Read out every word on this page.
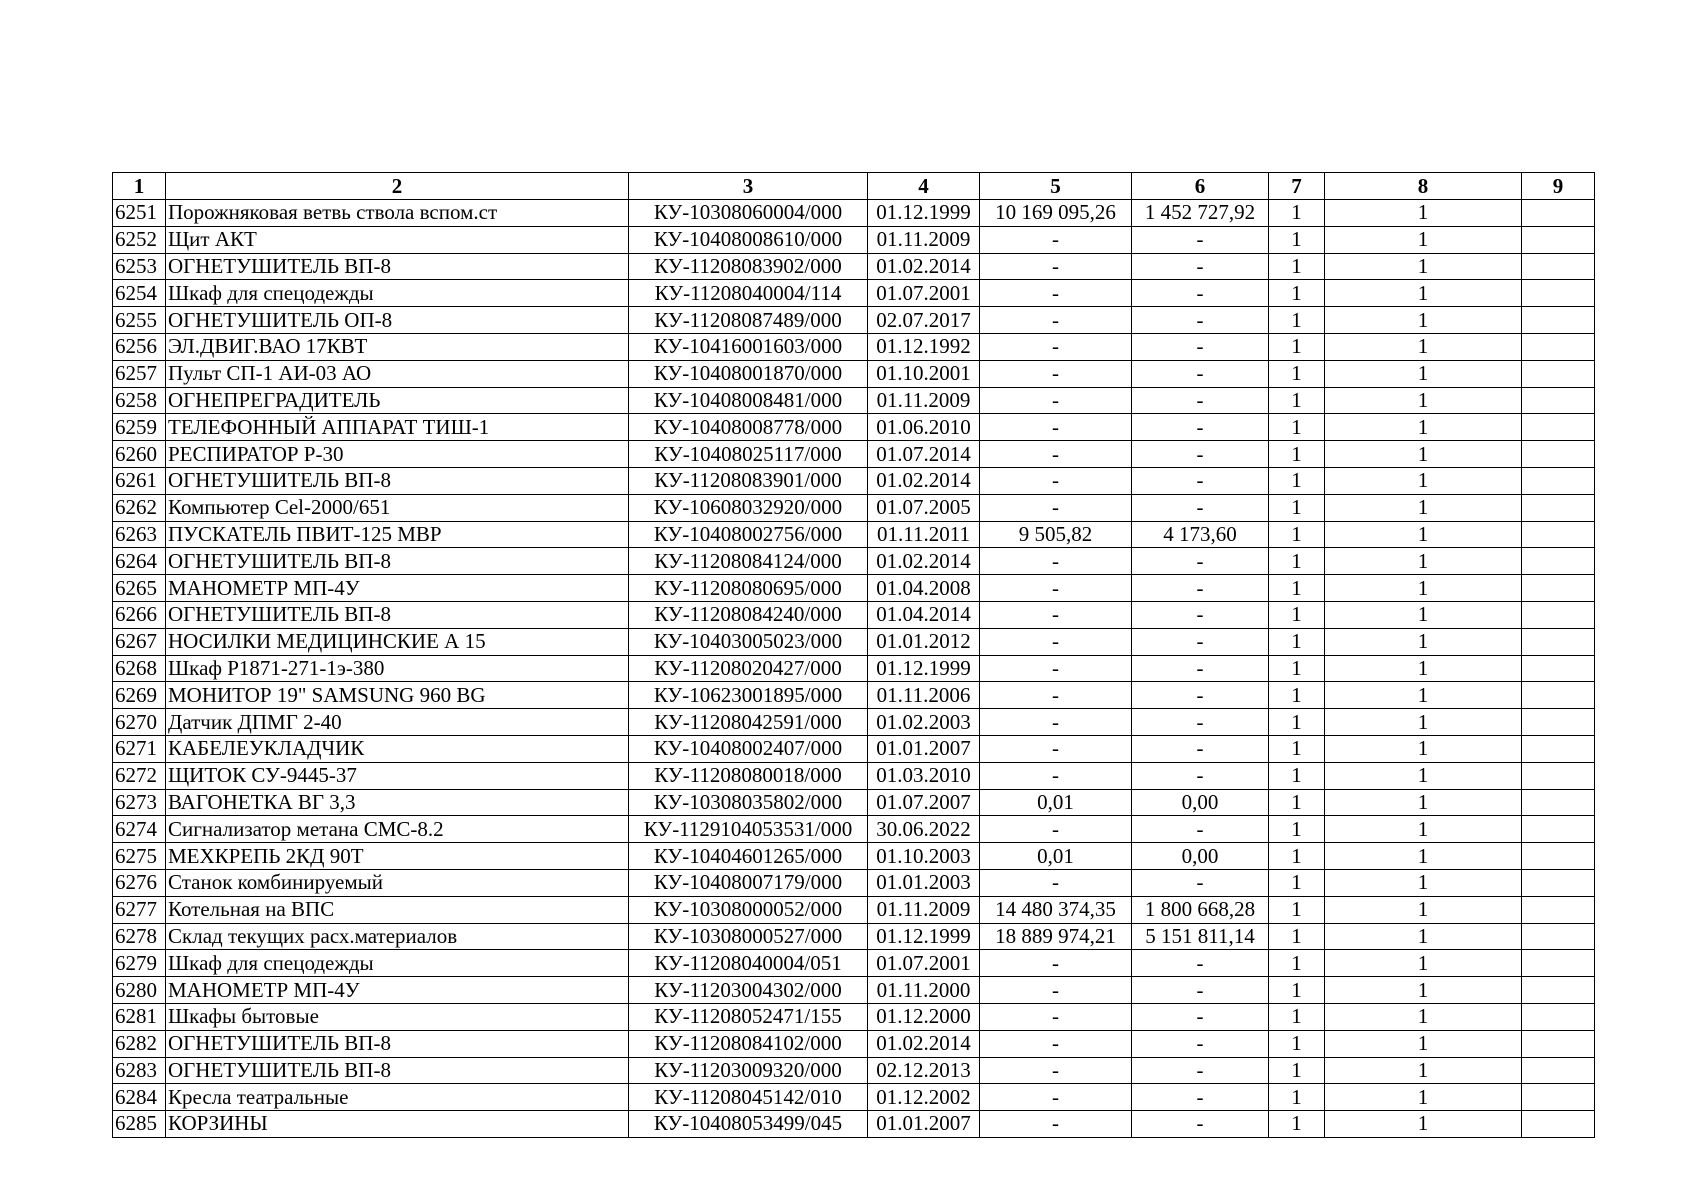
1	2	3	4	5	6	7	8	9
6251	Порожняковая ветвь ствола вспом.ст	КУ-10308060004/000	01.12.1999	10 169 095,26	1 452 727,92	1	1	
6252	Щит АКТ	КУ-10408008610/000	01.11.2009	-	-	1	1	
6253	ОГНЕТУШИТЕЛЬ ВП-8	КУ-11208083902/000	01.02.2014	-	-	1	1	
6254	Шкаф для спецодежды	КУ-11208040004/114	01.07.2001	-	-	1	1	
6255	ОГНЕТУШИТЕЛЬ ОП-8	КУ-11208087489/000	02.07.2017	-	-	1	1	
6256	ЭЛ.ДВИГ.ВАО 17КВТ	КУ-10416001603/000	01.12.1992	-	-	1	1	
6257	Пульт СП-1 АИ-03 АО	КУ-10408001870/000	01.10.2001	-	-	1	1	
6258	ОГНЕПРЕГРАДИТЕЛЬ	КУ-10408008481/000	01.11.2009	-	-	1	1	
6259	ТЕЛЕФОННЫЙ АППАРАТ ТИШ-1	КУ-10408008778/000	01.06.2010	-	-	1	1	
6260	РЕСПИРАТОР Р-30	КУ-10408025117/000	01.07.2014	-	-	1	1	
6261	ОГНЕТУШИТЕЛЬ ВП-8	КУ-11208083901/000	01.02.2014	-	-	1	1	
6262	Компьютер Cel-2000/651	КУ-10608032920/000	01.07.2005	-	-	1	1	
6263	ПУСКАТЕЛЬ ПВИТ-125 МВР	КУ-10408002756/000	01.11.2011	9 505,82	4 173,60	1	1	
6264	ОГНЕТУШИТЕЛЬ ВП-8	КУ-11208084124/000	01.02.2014	-	-	1	1	
6265	МАНОМЕТР МП-4У	КУ-11208080695/000	01.04.2008	-	-	1	1	
6266	ОГНЕТУШИТЕЛЬ ВП-8	КУ-11208084240/000	01.04.2014	-	-	1	1	
6267	НОСИЛКИ МЕДИЦИНСКИЕ А 15	КУ-10403005023/000	01.01.2012	-	-	1	1	
6268	Шкаф Р1871-271-1э-380	КУ-11208020427/000	01.12.1999	-	-	1	1	
6269	МОНИТОР 19" SAMSUNG 960 BG	КУ-10623001895/000	01.11.2006	-	-	1	1	
6270	Датчик ДПМГ 2-40	КУ-11208042591/000	01.02.2003	-	-	1	1	
6271	КАБЕЛЕУКЛАДЧИК	КУ-10408002407/000	01.01.2007	-	-	1	1	
6272	ЩИТОК СУ-9445-37	КУ-11208080018/000	01.03.2010	-	-	1	1	
6273	ВАГОНЕТКА ВГ 3,3	КУ-10308035802/000	01.07.2007	0,01	0,00	1	1	
6274	Сигнализатор метана СМС-8.2	КУ-1129104053531/000	30.06.2022	-	-	1	1	
6275	МЕХКРЕПЬ 2КД 90Т	КУ-10404601265/000	01.10.2003	0,01	0,00	1	1	
6276	Станок комбинируемый	КУ-10408007179/000	01.01.2003	-	-	1	1	
6277	Котельная на ВПС	КУ-10308000052/000	01.11.2009	14 480 374,35	1 800 668,28	1	1	
6278	Склад текущих расх.материалов	КУ-10308000527/000	01.12.1999	18 889 974,21	5 151 811,14	1	1	
6279	Шкаф для спецодежды	КУ-11208040004/051	01.07.2001	-	-	1	1	
6280	МАНОМЕТР МП-4У	КУ-11203004302/000	01.11.2000	-	-	1	1	
6281	Шкафы бытовые	КУ-11208052471/155	01.12.2000	-	-	1	1	
6282	ОГНЕТУШИТЕЛЬ ВП-8	КУ-11208084102/000	01.02.2014	-	-	1	1	
6283	ОГНЕТУШИТЕЛЬ ВП-8	КУ-11203009320/000	02.12.2013	-	-	1	1	
6284	Кресла театральные	КУ-11208045142/010	01.12.2002	-	-	1	1	
6285	КОРЗИНЫ	КУ-10408053499/045	01.01.2007	-	-	1	1	
